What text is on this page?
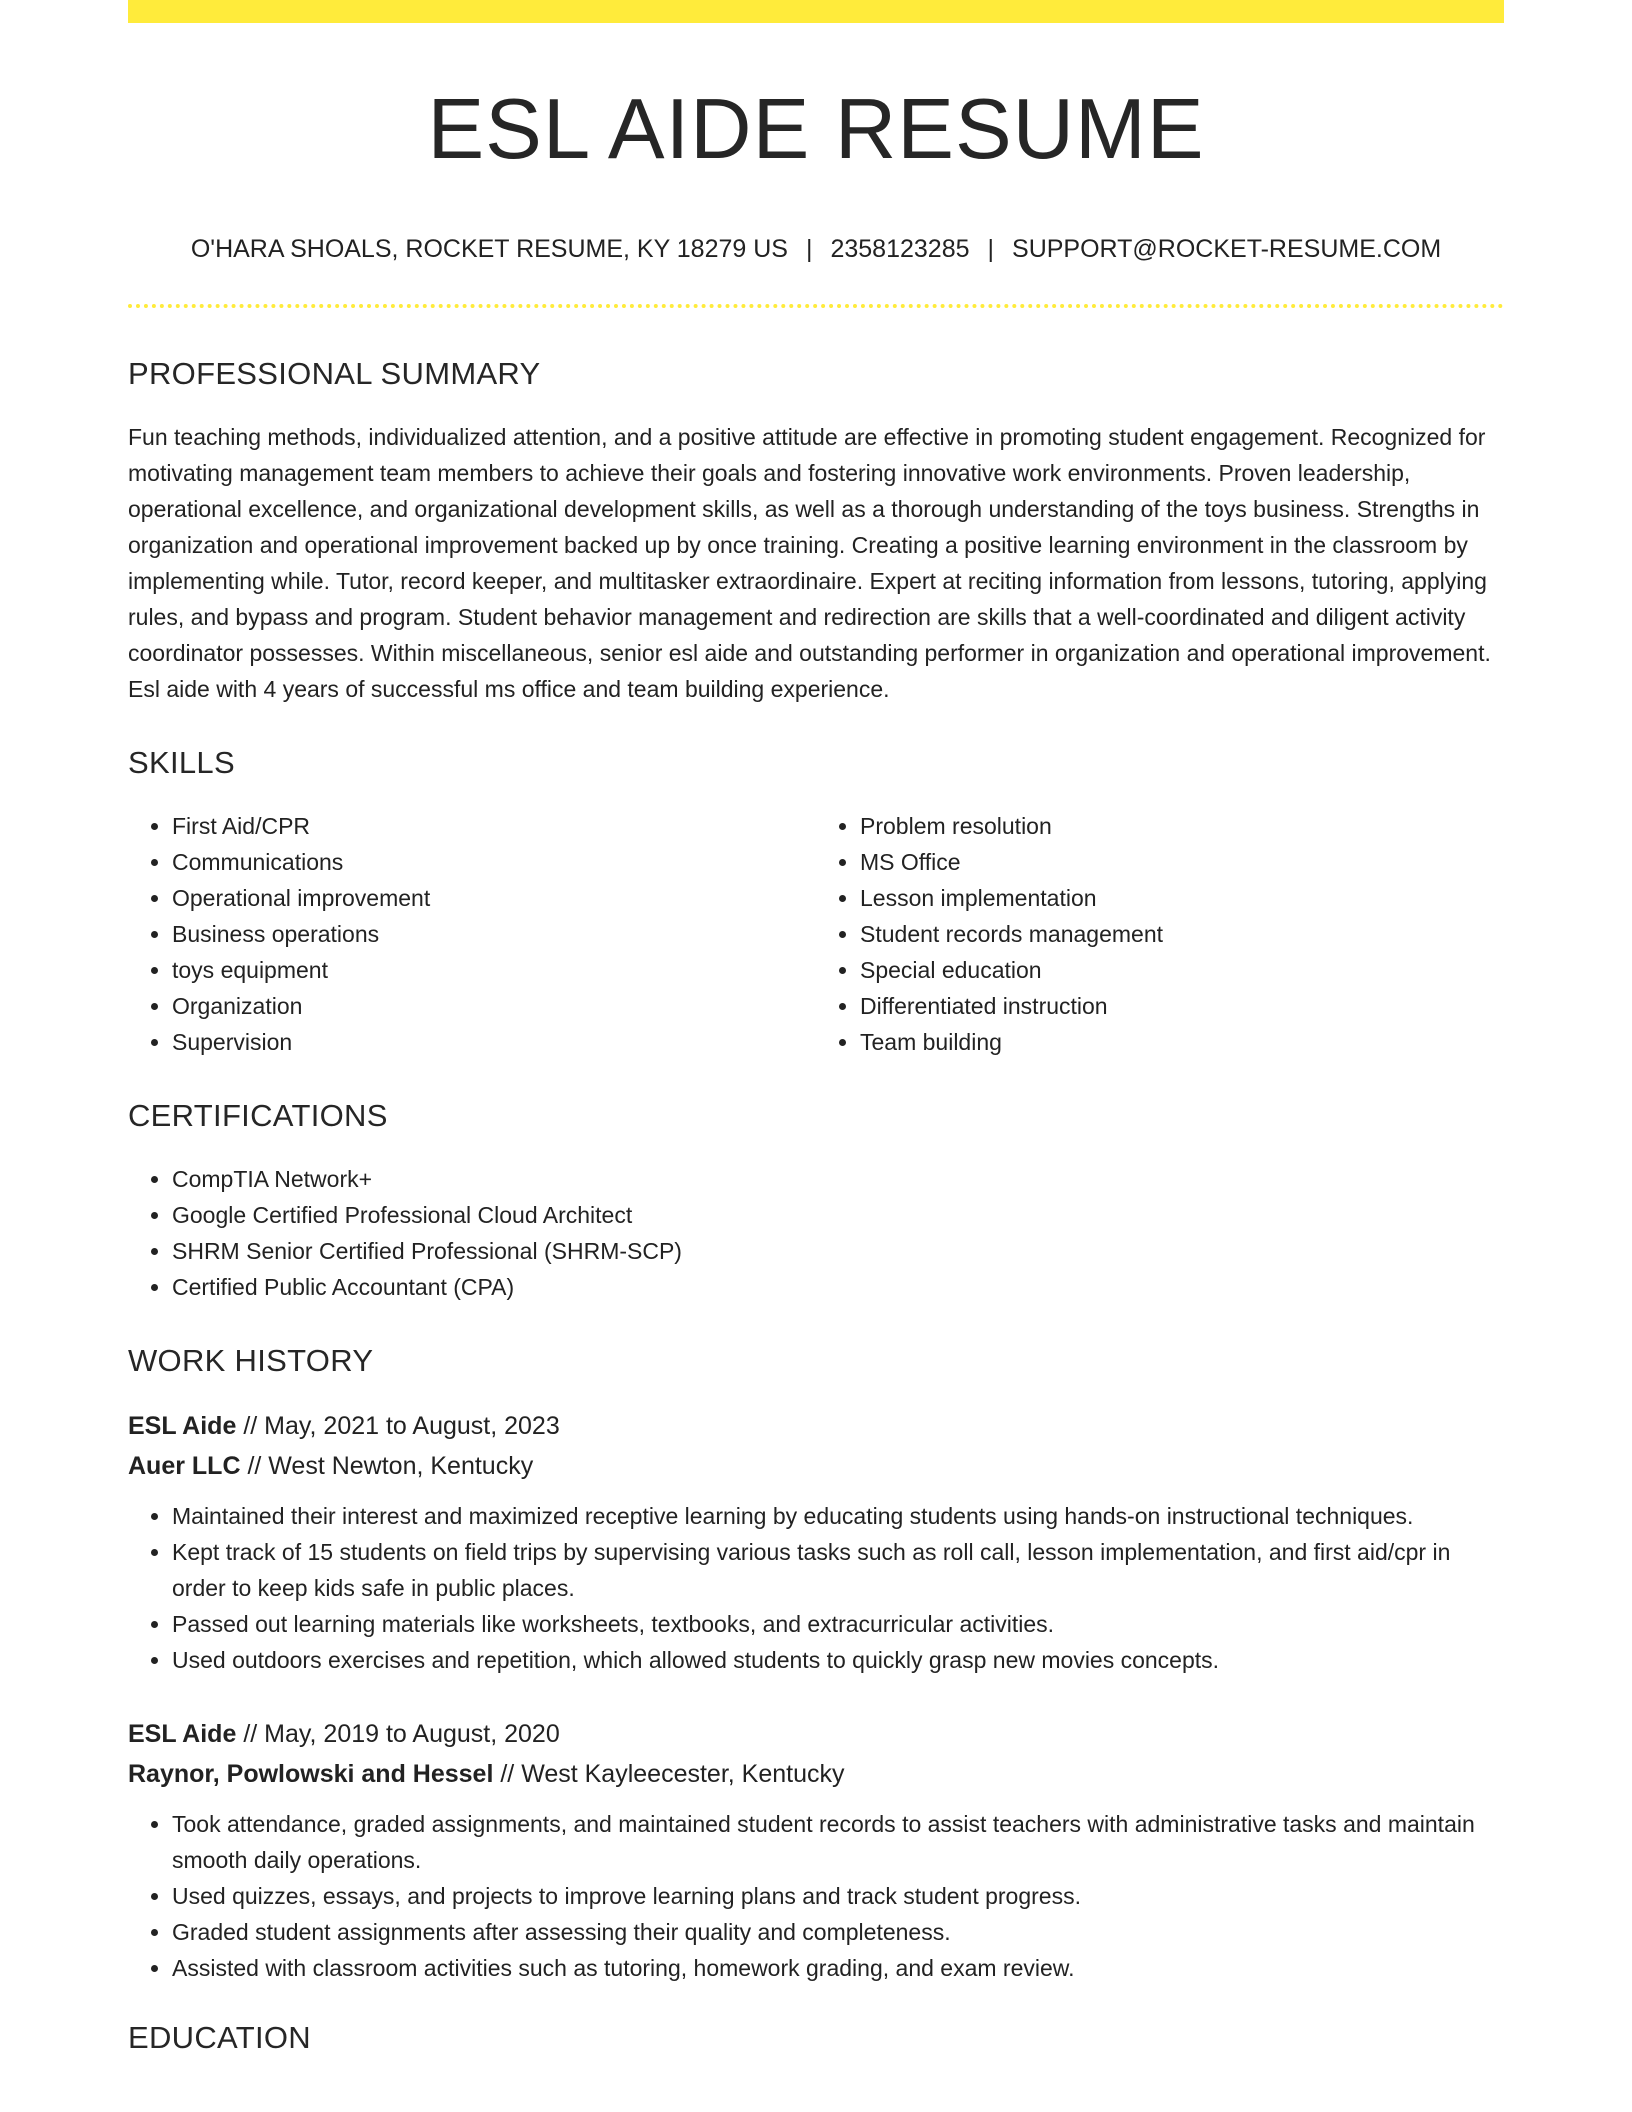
ESL AIDE RESUME
O'HARA SHOALS, ROCKET RESUME, KY 18279 US | 2358123285 | SUPPORT@ROCKET-RESUME.COM
PROFESSIONAL SUMMARY

Fun teaching methods, individualized attention, and a positive attitude are effective in promoting student engagement. Recognized for motivating management team members to achieve their goals and fostering innovative work environments. Proven leadership, operational excellence, and organizational development skills, as well as a thorough understanding of the toys business. Strengths in organization and operational improvement backed up by once training. Creating a positive learning environment in the classroom by implementing while. Tutor, record keeper, and multitasker extraordinaire. Expert at reciting information from lessons, tutoring, applying rules, and bypass and program. Student behavior management and redirection are skills that a well-coordinated and diligent activity coordinator possesses. Within miscellaneous, senior esl aide and outstanding performer in organization and operational improvement. Esl aide with 4 years of successful ms office and team building experience.

SKILLS
• First Aid/CPR
• Communications
• Operational improvement
• Business operations
• toys equipment
• Organization
• Supervision
• Problem resolution
• MS Office
• Lesson implementation
• Student records management
• Special education
• Differentiated instruction
• Team building
CERTIFICATIONS
• CompTIA Network+
• Google Certified Professional Cloud Architect
• SHRM Senior Certified Professional (SHRM-SCP)
• Certified Public Accountant (CPA)
WORK HISTORY
ESL Aide // May, 2021 to August, 2023
Auer LLC // West Newton, Kentucky
• Maintained their interest and maximized receptive learning by educating students using hands-on instructional techniques.
• Kept track of 15 students on field trips by supervising various tasks such as roll call, lesson implementation, and first aid/cpr in order to keep kids safe in public places.
• Passed out learning materials like worksheets, textbooks, and extracurricular activities.
• Used outdoors exercises and repetition, which allowed students to quickly grasp new movies concepts.
ESL Aide // May, 2019 to August, 2020
Raynor, Powlowski and Hessel // West Kayleecester, Kentucky
• Took attendance, graded assignments, and maintained student records to assist teachers with administrative tasks and maintain smooth daily operations.
• Used quizzes, essays, and projects to improve learning plans and track student progress.
• Graded student assignments after assessing their quality and completeness.
• Assisted with classroom activities such as tutoring, homework grading, and exam review.
EDUCATION
